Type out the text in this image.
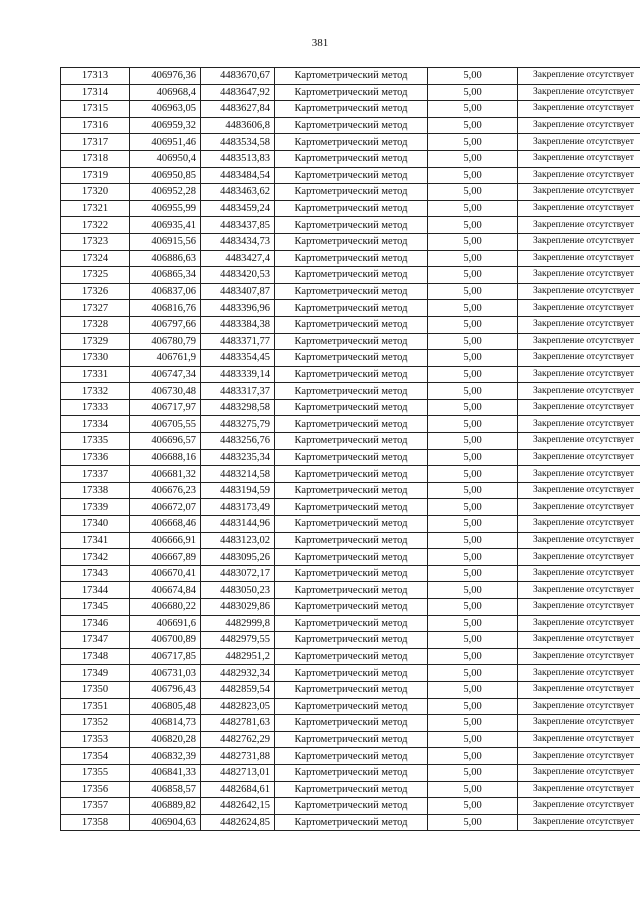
381
17313	406976,36	4483670,67	Картометрический метод	5,00	Закрепление отсутствует
17314	406968,4	4483647,92	Картометрический метод	5,00	Закрепление отсутствует
17315	406963,05	4483627,84	Картометрический метод	5,00	Закрепление отсутствует
17316	406959,32	4483606,8	Картометрический метод	5,00	Закрепление отсутствует
17317	406951,46	4483534,58	Картометрический метод	5,00	Закрепление отсутствует
17318	406950,4	4483513,83	Картометрический метод	5,00	Закрепление отсутствует
17319	406950,85	4483484,54	Картометрический метод	5,00	Закрепление отсутствует
17320	406952,28	4483463,62	Картометрический метод	5,00	Закрепление отсутствует
17321	406955,99	4483459,24	Картометрический метод	5,00	Закрепление отсутствует
17322	406935,41	4483437,85	Картометрический метод	5,00	Закрепление отсутствует
17323	406915,56	4483434,73	Картометрический метод	5,00	Закрепление отсутствует
17324	406886,63	4483427,4	Картометрический метод	5,00	Закрепление отсутствует
17325	406865,34	4483420,53	Картометрический метод	5,00	Закрепление отсутствует
17326	406837,06	4483407,87	Картометрический метод	5,00	Закрепление отсутствует
17327	406816,76	4483396,96	Картометрический метод	5,00	Закрепление отсутствует
17328	406797,66	4483384,38	Картометрический метод	5,00	Закрепление отсутствует
17329	406780,79	4483371,77	Картометрический метод	5,00	Закрепление отсутствует
17330	406761,9	4483354,45	Картометрический метод	5,00	Закрепление отсутствует
17331	406747,34	4483339,14	Картометрический метод	5,00	Закрепление отсутствует
17332	406730,48	4483317,37	Картометрический метод	5,00	Закрепление отсутствует
17333	406717,97	4483298,58	Картометрический метод	5,00	Закрепление отсутствует
17334	406705,55	4483275,79	Картометрический метод	5,00	Закрепление отсутствует
17335	406696,57	4483256,76	Картометрический метод	5,00	Закрепление отсутствует
17336	406688,16	4483235,34	Картометрический метод	5,00	Закрепление отсутствует
17337	406681,32	4483214,58	Картометрический метод	5,00	Закрепление отсутствует
17338	406676,23	4483194,59	Картометрический метод	5,00	Закрепление отсутствует
17339	406672,07	4483173,49	Картометрический метод	5,00	Закрепление отсутствует
17340	406668,46	4483144,96	Картометрический метод	5,00	Закрепление отсутствует
17341	406666,91	4483123,02	Картометрический метод	5,00	Закрепление отсутствует
17342	406667,89	4483095,26	Картометрический метод	5,00	Закрепление отсутствует
17343	406670,41	4483072,17	Картометрический метод	5,00	Закрепление отсутствует
17344	406674,84	4483050,23	Картометрический метод	5,00	Закрепление отсутствует
17345	406680,22	4483029,86	Картометрический метод	5,00	Закрепление отсутствует
17346	406691,6	4482999,8	Картометрический метод	5,00	Закрепление отсутствует
17347	406700,89	4482979,55	Картометрический метод	5,00	Закрепление отсутствует
17348	406717,85	4482951,2	Картометрический метод	5,00	Закрепление отсутствует
17349	406731,03	4482932,34	Картометрический метод	5,00	Закрепление отсутствует
17350	406796,43	4482859,54	Картометрический метод	5,00	Закрепление отсутствует
17351	406805,48	4482823,05	Картометрический метод	5,00	Закрепление отсутствует
17352	406814,73	4482781,63	Картометрический метод	5,00	Закрепление отсутствует
17353	406820,28	4482762,29	Картометрический метод	5,00	Закрепление отсутствует
17354	406832,39	4482731,88	Картометрический метод	5,00	Закрепление отсутствует
17355	406841,33	4482713,01	Картометрический метод	5,00	Закрепление отсутствует
17356	406858,57	4482684,61	Картометрический метод	5,00	Закрепление отсутствует
17357	406889,82	4482642,15	Картометрический метод	5,00	Закрепление отсутствует
17358	406904,63	4482624,85	Картометрический метод	5,00	Закрепление отсутствует
